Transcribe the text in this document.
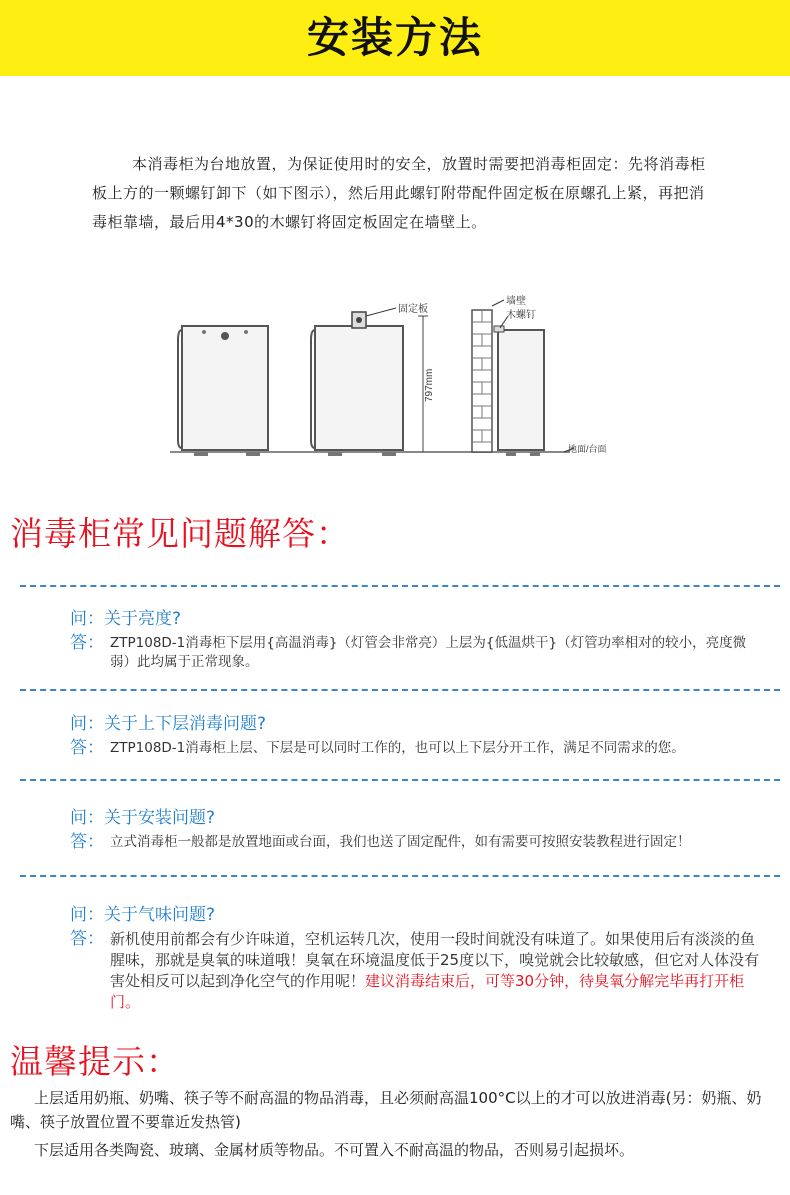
安装方法
本消毒柜为台地放置，为保证使用时的安全，放置时需要把消毒柜固定：先将消毒柜板上方的一颗螺钉卸下（如下图示），然后用此螺钉附带配件固定板在原螺孔上紧，再把消毒柜靠墙，最后用4*30的木螺钉将固定板固定在墙壁上。
固定板
797mm
墙壁
木螺钉
地面/台面
消毒柜常见问题解答：
问：关于亮度?
答： ZTP108D-1消毒柜下层用{高温消毒}（灯管会非常亮）上层为{低温烘干}（灯管功率相对的较小，亮度微弱）此均属于正常现象。
问：关于上下层消毒问题?
答： ZTP108D-1消毒柜上层、下层是可以同时工作的，也可以上下层分开工作，满足不同需求的您。
问：关于安装问题?
答： 立式消毒柜一般都是放置地面或台面，我们也送了固定配件，如有需要可按照安装教程进行固定！
问：关于气味问题?
答： 新机使用前都会有少许味道，空机运转几次，使用一段时间就没有味道了。如果使用后有淡淡的鱼腥味，那就是臭氧的味道哦！臭氧在环境温度低于25度以下，嗅觉就会比较敏感，但它对人体没有害处相反可以起到净化空气的作用呢！建议消毒结束后，可等30分钟，待臭氧分解完毕再打开柜门。
温馨提示：
上层适用奶瓶、奶嘴、筷子等不耐高温的物品消毒，且必须耐高温100°C以上的才可以放进消毒(另：奶瓶、奶嘴、筷子放置位置不要靠近发热管)
下层适用各类陶瓷、玻璃、金属材质等物品。不可置入不耐高温的物品，否则易引起损坏。
